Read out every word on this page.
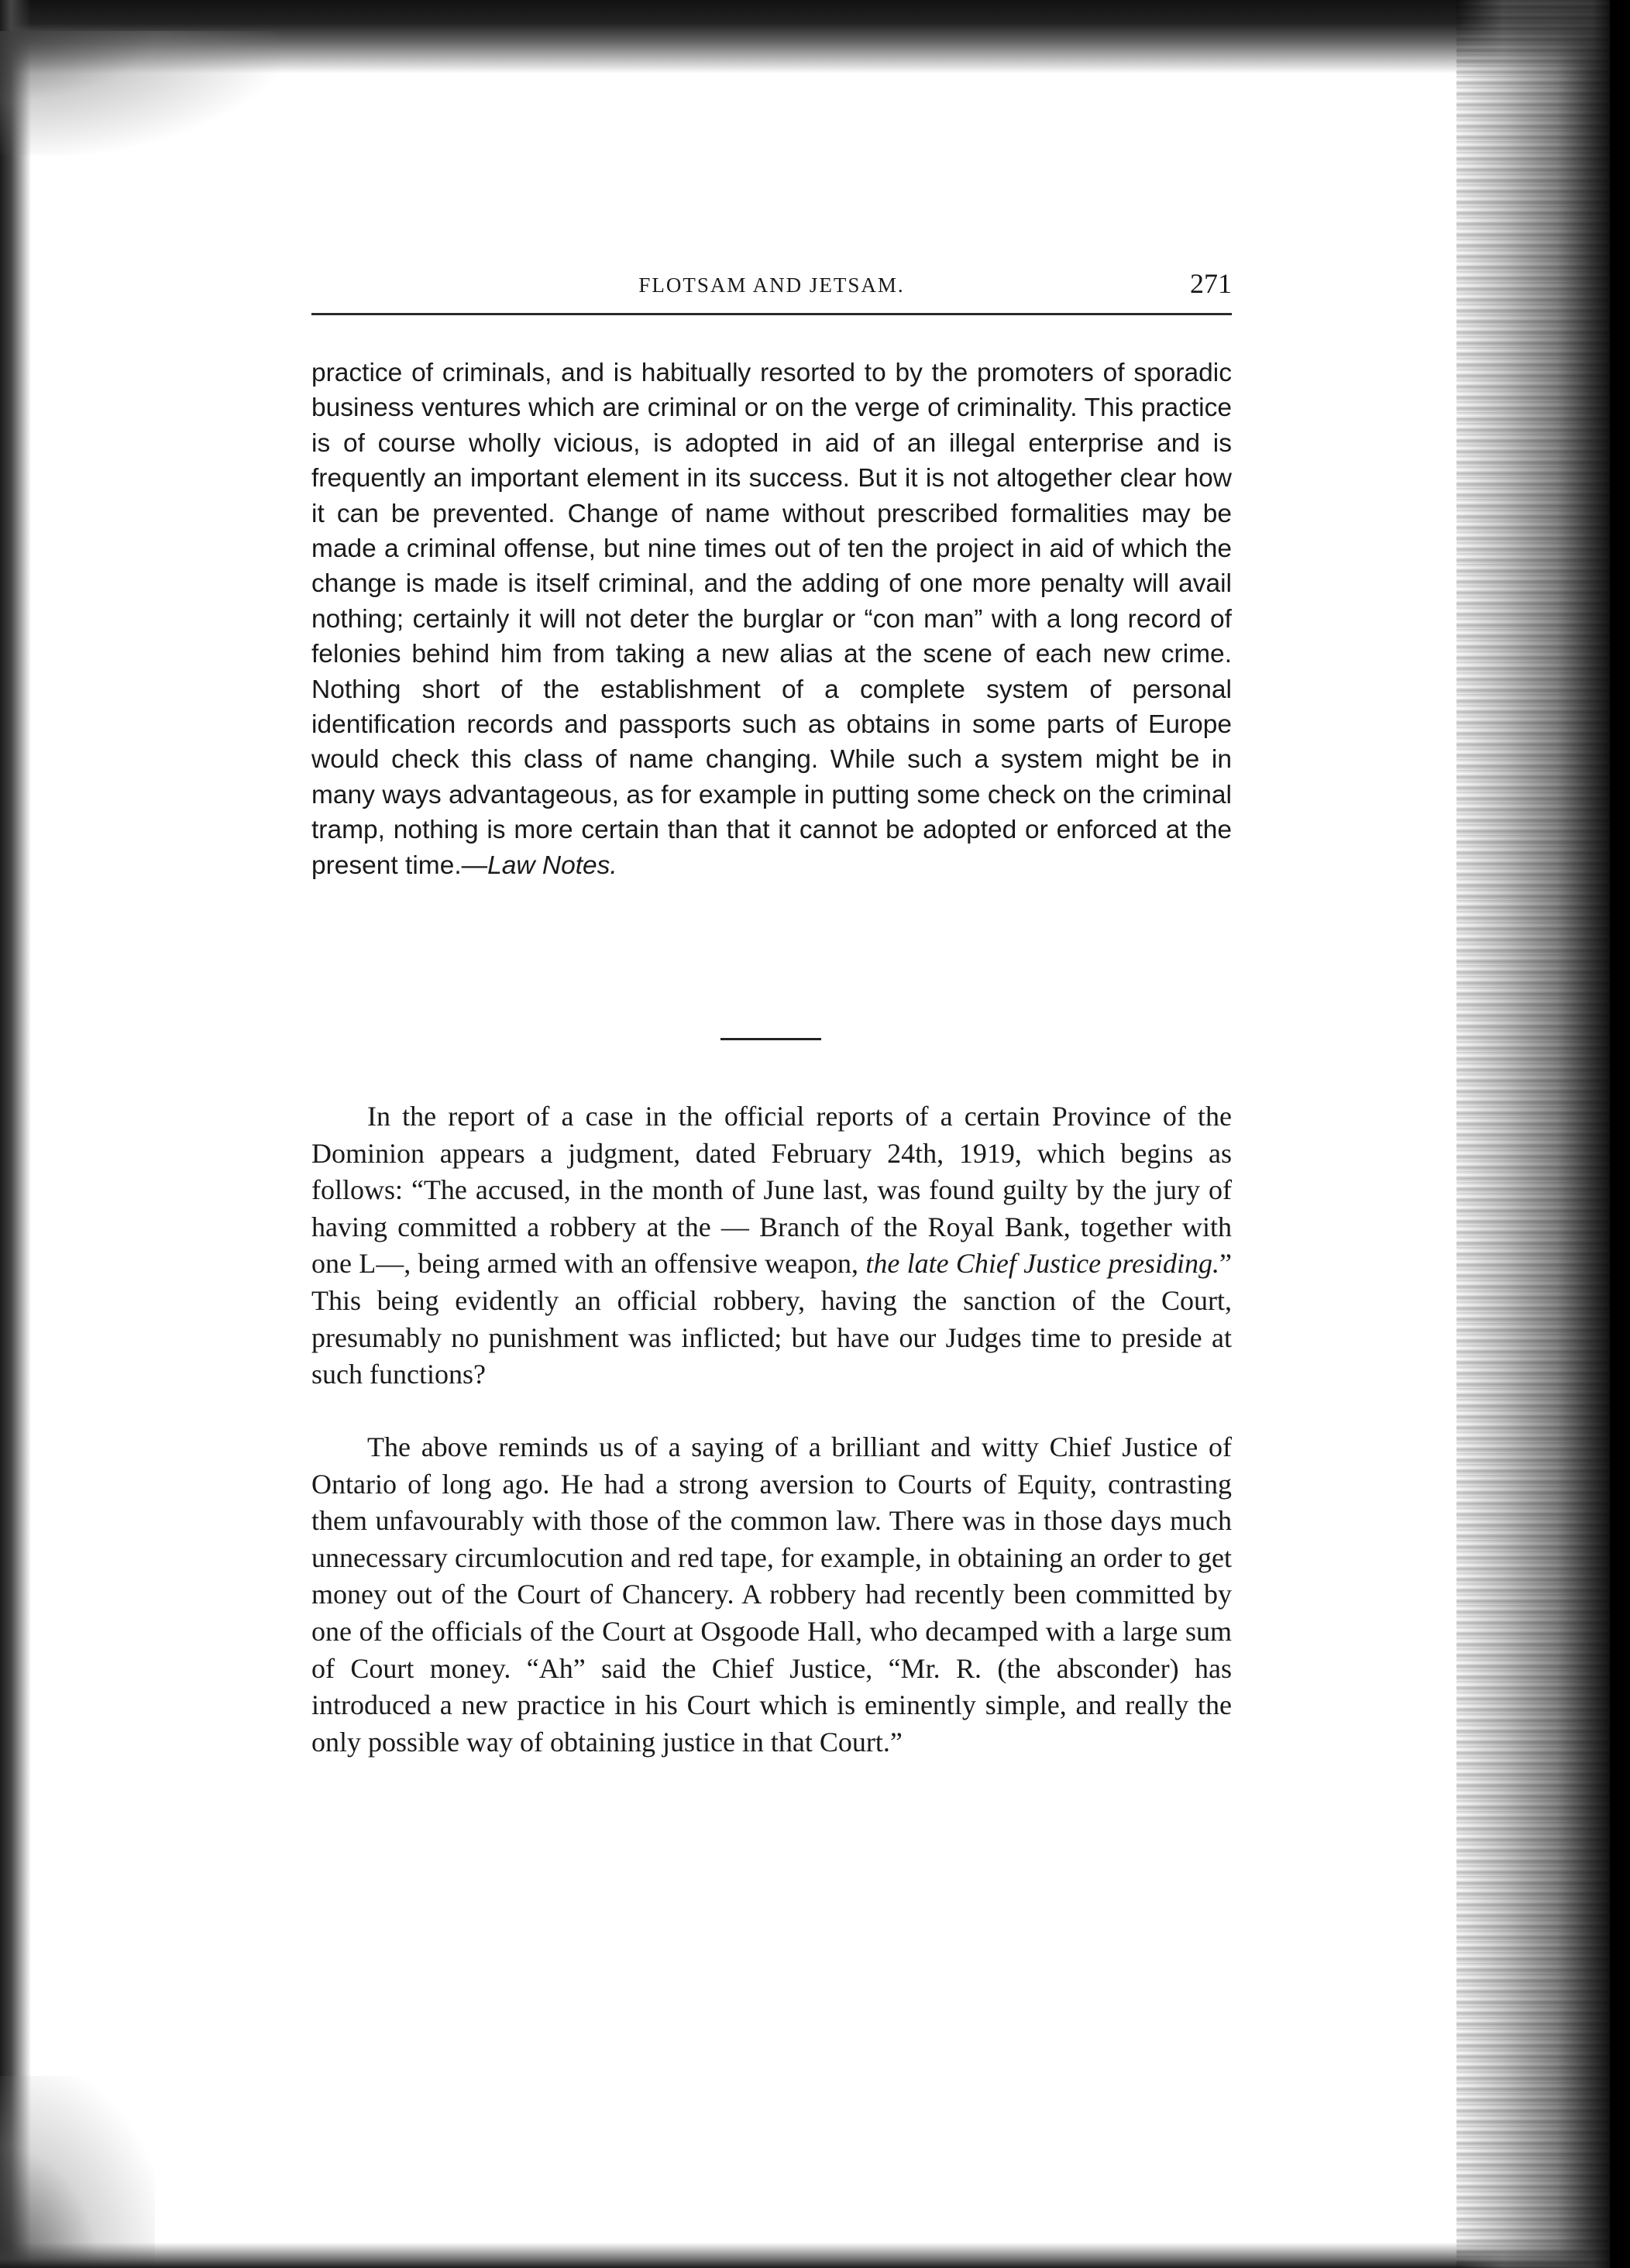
FLOTSAM AND JETSAM.	271

practice of criminals, and is habitually resorted to by the promoters of sporadic business ventures which are criminal or on the verge of criminality. This practice is of course wholly vicious, is adopted in aid of an illegal enterprise and is frequently an important element in its success. But it is not altogether clear how it can be prevented. Change of name without prescribed formalities may be made a criminal offense, but nine times out of ten the project in aid of which the change is made is itself criminal, and the adding of one more penalty will avail nothing; certainly it will not deter the burglar or “con man” with a long record of felonies behind him from taking a new alias at the scene of each new crime. Nothing short of the establishment of a complete system of personal identification records and passports such as obtains in some parts of Europe would check this class of name changing. While such a system might be in many ways advantageous, as for example in putting some check on the criminal tramp, nothing is more certain than that it cannot be adopted or enforced at the present time.—Law Notes.

In the report of a case in the official reports of a certain Province of the Dominion appears a judgment, dated February 24th, 1919, which begins as follows: “The accused, in the month of June last, was found guilty by the jury of having committed a robbery at the — Branch of the Royal Bank, together with one L—, being armed with an offensive weapon, the late Chief Justice presiding.” This being evidently an official robbery, having the sanction of the Court, presumably no punishment was inflicted; but have our Judges time to preside at such functions?

The above reminds us of a saying of a brilliant and witty Chief Justice of Ontario of long ago. He had a strong aversion to Courts of Equity, contrasting them unfavourably with those of the common law. There was in those days much unnecessary circumlocution and red tape, for example, in obtaining an order to get money out of the Court of Chancery. A robbery had recently been committed by one of the officials of the Court at Osgoode Hall, who decamped with a large sum of Court money. “Ah” said the Chief Justice, “Mr. R. (the absconder) has introduced a new practice in his Court which is eminently simple, and really the only possible way of obtaining justice in that Court.”
